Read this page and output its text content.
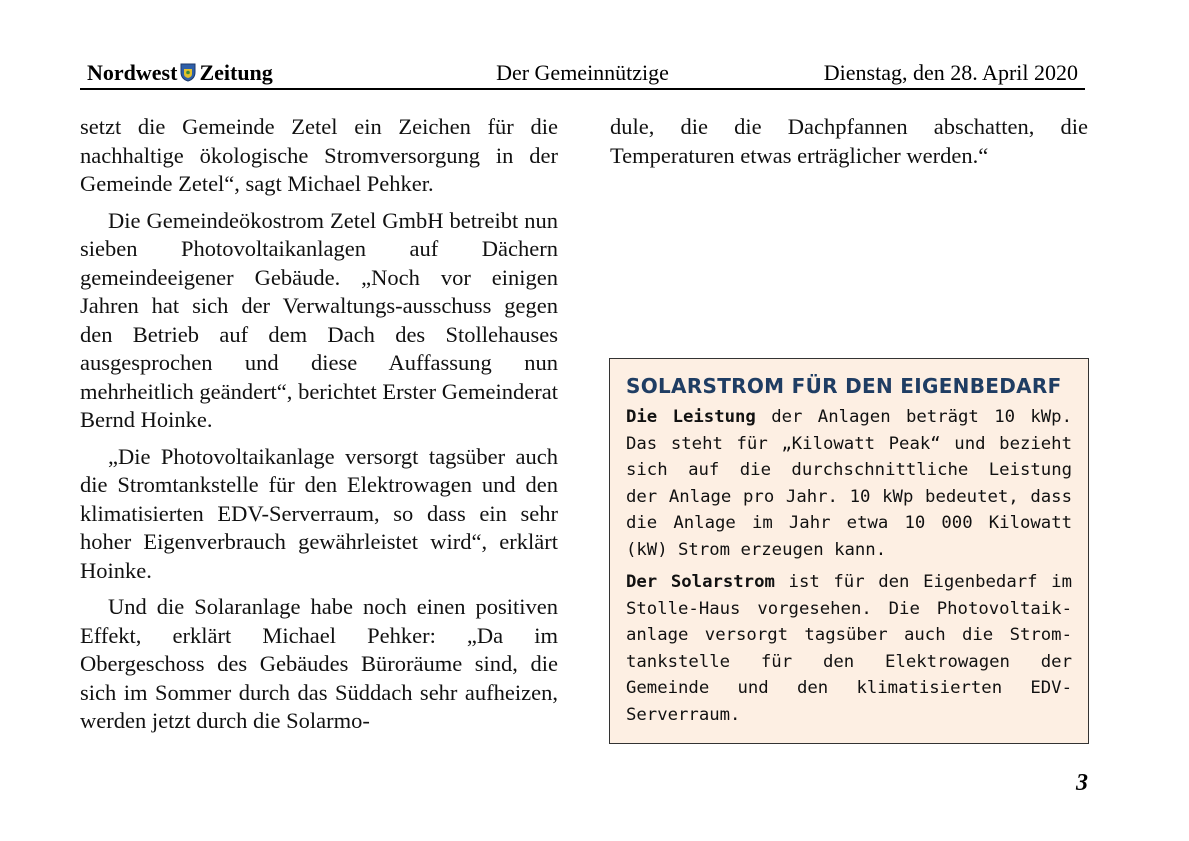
Nordwest Zeitung	Der Gemeinnützige	Dienstag, den 28. April 2020

setzt die Gemeinde Zetel ein Zeichen für die nachhaltige ökologische Stromversorgung in der Gemeinde Zetel“, sagt Michael Pehker.

Die Gemeindeökostrom Zetel GmbH betreibt nun sieben Photovoltaikanlagen auf Dächern gemeindeeigener Gebäude. „Noch vor einigen Jahren hat sich der Verwaltungs-ausschuss gegen den Betrieb auf dem Dach des Stollehauses ausgesprochen und diese Auffassung nun mehrheitlich geändert“, berichtet Erster Gemeinderat Bernd Hoinke.

„Die Photovoltaikanlage versorgt tagsüber auch die Stromtankstelle für den Elektrowagen und den klimatisierten EDV-Serverraum, so dass ein sehr hoher Eigenverbrauch gewährleistet wird“, erklärt Hoinke.

Und die Solaranlage habe noch einen positiven Effekt, erklärt Michael Pehker: „Da im Obergeschoss des Gebäudes Büroräume sind, die sich im Sommer durch das Süddach sehr aufheizen, werden jetzt durch die Solarmo-

dule, die die Dachpfannen abschatten, die Temperaturen etwas erträglicher werden.“

SOLARSTROM FÜR DEN EIGENBEDARF

Die Leistung der Anlagen beträgt 10 kWp. Das steht für „Kilowatt Peak“ und bezieht sich auf die durchschnittliche Leistung der Anlage pro Jahr. 10 kWp bedeutet, dass die Anlage im Jahr etwa 10 000 Kilowatt (kW) Strom erzeugen kann.

Der Solarstrom ist für den Eigenbedarf im Stolle-Haus vorgesehen. Die Photovoltaikanlage versorgt tagsüber auch die Stromtankstelle für den Elektrowagen der Gemeinde und den klimatisierten EDV-Serverraum.

3
